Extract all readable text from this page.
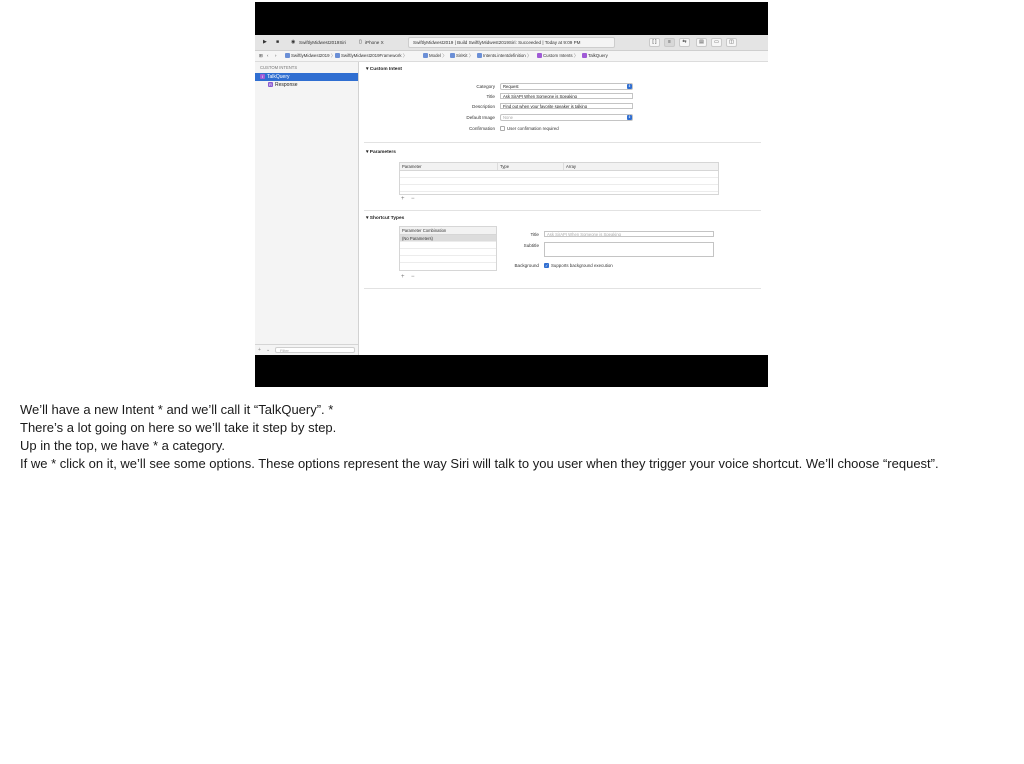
▶ ■ ◉ SwiftlyMidwest2019Siri	▯ iPhone X	SwiftlyMidwest2019 | Build SwiftlyMidwest2019Siri: Succeeded | Today at 9:09 PM	[ ]	≡	⇆	▤	▭	◫
⊞ ‹ ›	SwiftlyMidwest2019 〉	SwiftlyMidwest2019Framework 〉	Model 〉	SiriKit 〉	Intents.intentdefinition 〉	Custom Intents 〉	TalkQuery
CUSTOM INTENTS
I TalkQuery
R Response
+ ⌄	Filter
▾ Custom Intent
Category	Request	⇕
Title	Ask SirAPI When Someone is Speaking
Description	Find out when your favorite speaker is talking
Default Image	None	⇕
Confirmation	User confirmation required
▾ Parameters
Parameter	Type	Array
+ −
▾ Shortcut Types
Parameter Combination
(No Parameters)
+ −
Title	Ask SirAPI When Someone is Speaking
Subtitle
Background ✓ Supports background execution

We’ll have a new Intent * and we’ll call it “TalkQuery”. *

There’s a lot going on here so we’ll take it step by step.

Up in the top, we have * a category.

If we * click on it, we’ll see some options. These options represent the way Siri will talk to you user when they trigger your voice shortcut. We’ll choose “request”.
